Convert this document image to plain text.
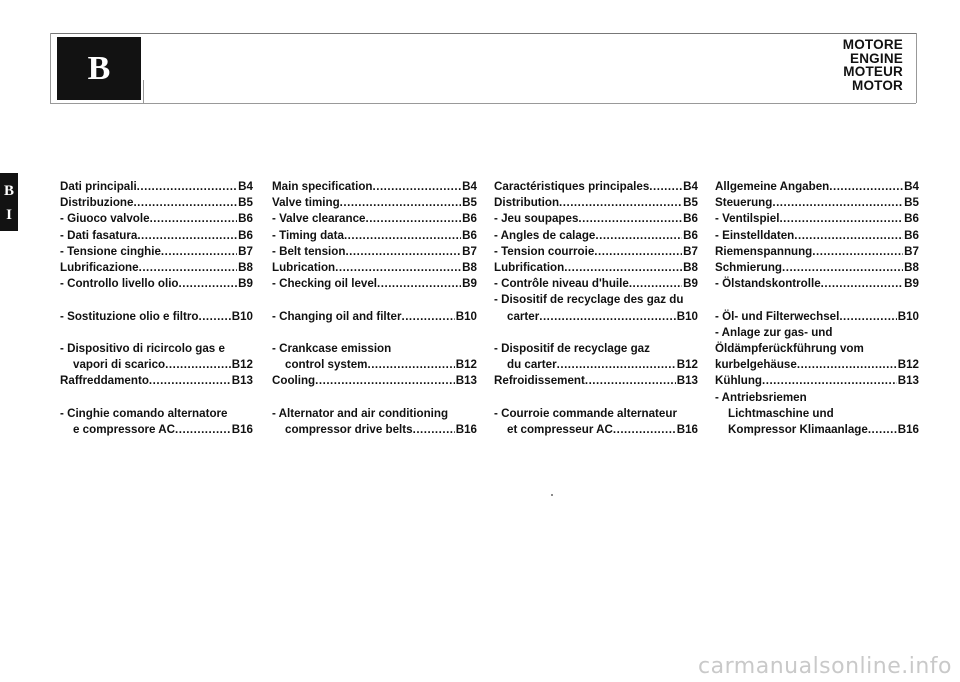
B
MOTORE
ENGINE
MOTEUR
MOTOR
B
I
Dati principali .....	B4
Distribuzione .....	B5
- Giuoco valvole .....	B6
- Dati fasatura .....	B6
- Tensione cinghie .....	B7
Lubrificazione .....	B8
- Controllo livello olio .....	B9
- Sostituzione olio e filtro .....	B10
- Dispositivo di ricircolo gas e
vapori di scarico .....	B12
Raffreddamento .....	B13
- Cinghie comando alternatore
e compressore AC .....	B16
Main specification .....	B4
Valve timing .....	B5
- Valve clearance .....	B6
- Timing data .....	B6
- Belt tension .....	B7
Lubrication .....	B8
- Checking oil level .....	B9
- Changing oil and filter .....	B10
- Crankcase emission
control system .....	B12
Cooling .....	B13
- Alternator and air conditioning
compressor drive belts .....	B16
Caractéristiques principales .....	B4
Distribution .....	B5
- Jeu soupapes .....	B6
- Angles de calage .....	B6
- Tension courroie .....	B7
Lubrification .....	B8
- Contrôle niveau d'huile .....	B9
- Disositif de recyclage des gaz du
carter .....	B10
- Dispositif de recyclage gaz
du carter .....	B12
Refroidissement .....	B13
- Courroie commande alternateur
et compresseur AC .....	B16
Allgemeine Angaben .....	B4
Steuerung .....	B5
- Ventilspiel .....	B6
- Einstelldaten .....	B6
Riemenspannung .....	B7
Schmierung .....	B8
- Ölstandskontrolle .....	B9
- Öl- und Filterwechsel .....	B10
- Anlage zur gas- und
Öldämpferückführung vom
kurbelgehäuse .....	B12
Kühlung .....	B13
- Antriebsriemen
Lichtmaschine und
Kompressor Klimaanlage .....	B16
carmanualsonline.info
